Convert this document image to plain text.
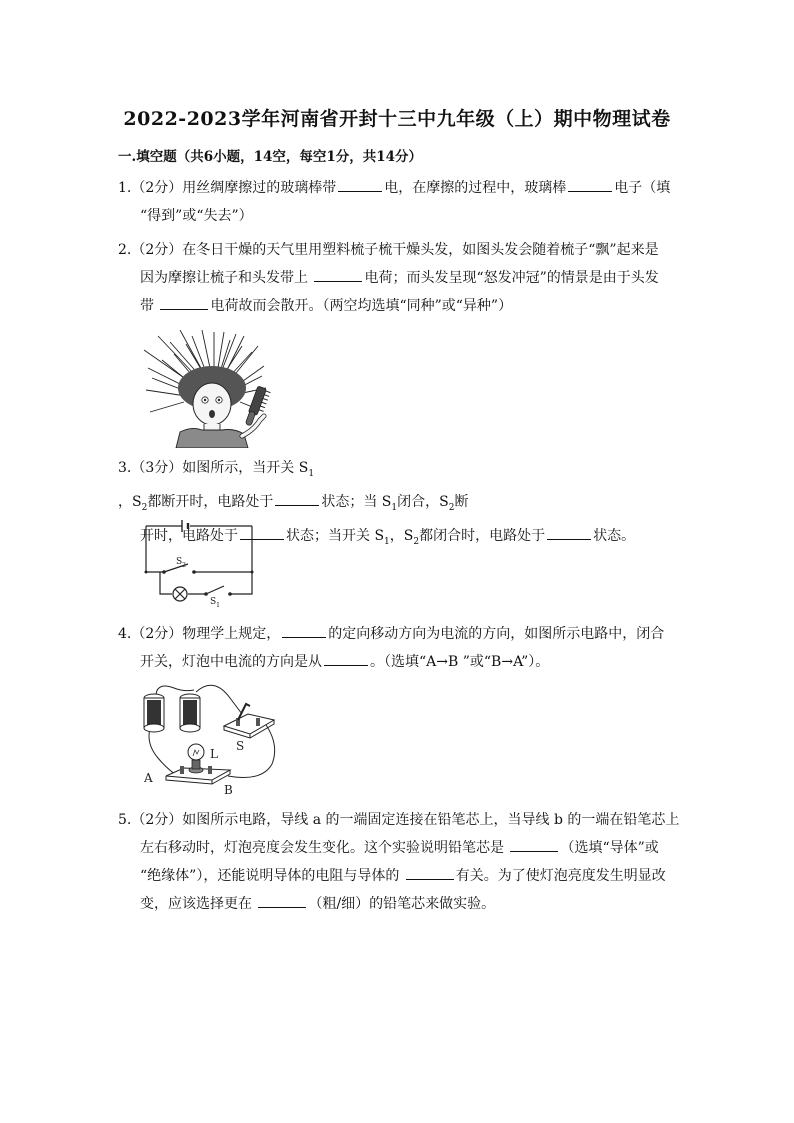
2022-2023学年河南省开封十三中九年级（上）期中物理试卷
一.填空题（共6小题，14空，每空1分，共14分）
1.（2分）用丝绸摩擦过的玻璃棒带	电，在摩擦的过程中，玻璃棒	电子（填
“得到”或“失去”）
2.（2分）在冬日干燥的天气里用塑料梳子梳干燥头发，如图头发会随着梳子“飘”起来是
因为摩擦让梳子和头发带上	电荷；而头发呈现“怒发冲冠”的情景是由于头发
带	电荷故而会散开。（两空均选填“同种”或“异种”）
3.（3分）如图所示，当开关 $S_1$
，$S_2$都断开时，电路处于	状态；当 $S_1$闭合，$S_2$断
开时，电路处于	状态；当开关 $S_1$，$S_2$都闭合时，电路处于	状态。
$S_2$
$S_1$
4.（2分）物理学上规定，	的定向移动方向为电流的方向，如图所示电路中，闭合
开关，灯泡中电流的方向是从	。（选填“A→B ”或“B→A”）。
A
B
L
S
5.（2分）如图所示电路，导线 a 的一端固定连接在铅笔芯上，当导线 b 的一端在铅笔芯上
左右移动时，灯泡亮度会发生变化。这个实验说明铅笔芯是	（选填“导体”或
“绝缘体”），还能说明导体的电阻与导体的	有关。为了使灯泡亮度发生明显改
变，应该选择更在	（粗/细）的铅笔芯来做实验。
